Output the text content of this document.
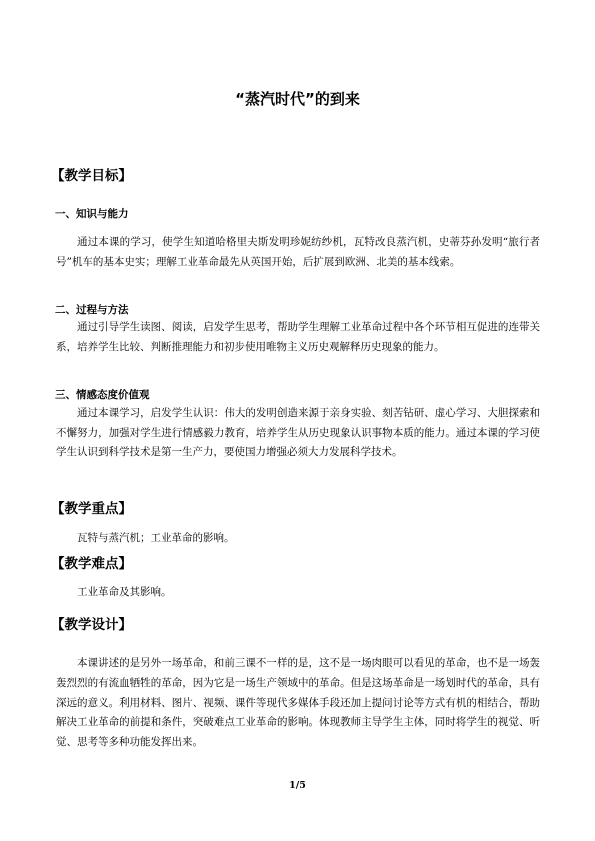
“蒸汽时代”的到来
【教学目标】
一、知识与能力

通过本课的学习，使学生知道哈格里夫斯发明珍妮纺纱机，瓦特改良蒸汽机，史蒂芬孙发明“旅行者号”机车的基本史实；理解工业革命最先从英国开始，后扩展到欧洲、北美的基本线索。

二、过程与方法

通过引导学生读图、阅读，启发学生思考，帮助学生理解工业革命过程中各个环节相互促进的连带关系，培养学生比较、判断推理能力和初步使用唯物主义历史观解释历史现象的能力。

三、情感态度价值观

通过本课学习，启发学生认识：伟大的发明创造来源于亲身实验、刻苦钻研、虚心学习、大胆探索和不懈努力，加强对学生进行情感毅力教育，培养学生从历史现象认识事物本质的能力。通过本课的学习使学生认识到科学技术是第一生产力，要使国力增强必须大力发展科学技术。

【教学重点】

瓦特与蒸汽机；工业革命的影响。

【教学难点】

工业革命及其影响。

【教学设计】

本课讲述的是另外一场革命，和前三课不一样的是，这不是一场肉眼可以看见的革命，也不是一场轰轰烈烈的有流血牺牲的革命，因为它是一场生产领域中的革命。但是这场革命是一场划时代的革命，具有深远的意义。利用材料、图片、视频、课件等现代多媒体手段还加上提问讨论等方式有机的相结合，帮助解决工业革命的前提和条件，突破难点工业革命的影响。体现教师主导学生主体，同时将学生的视觉、听觉、思考等多种功能发挥出来。

1/5
